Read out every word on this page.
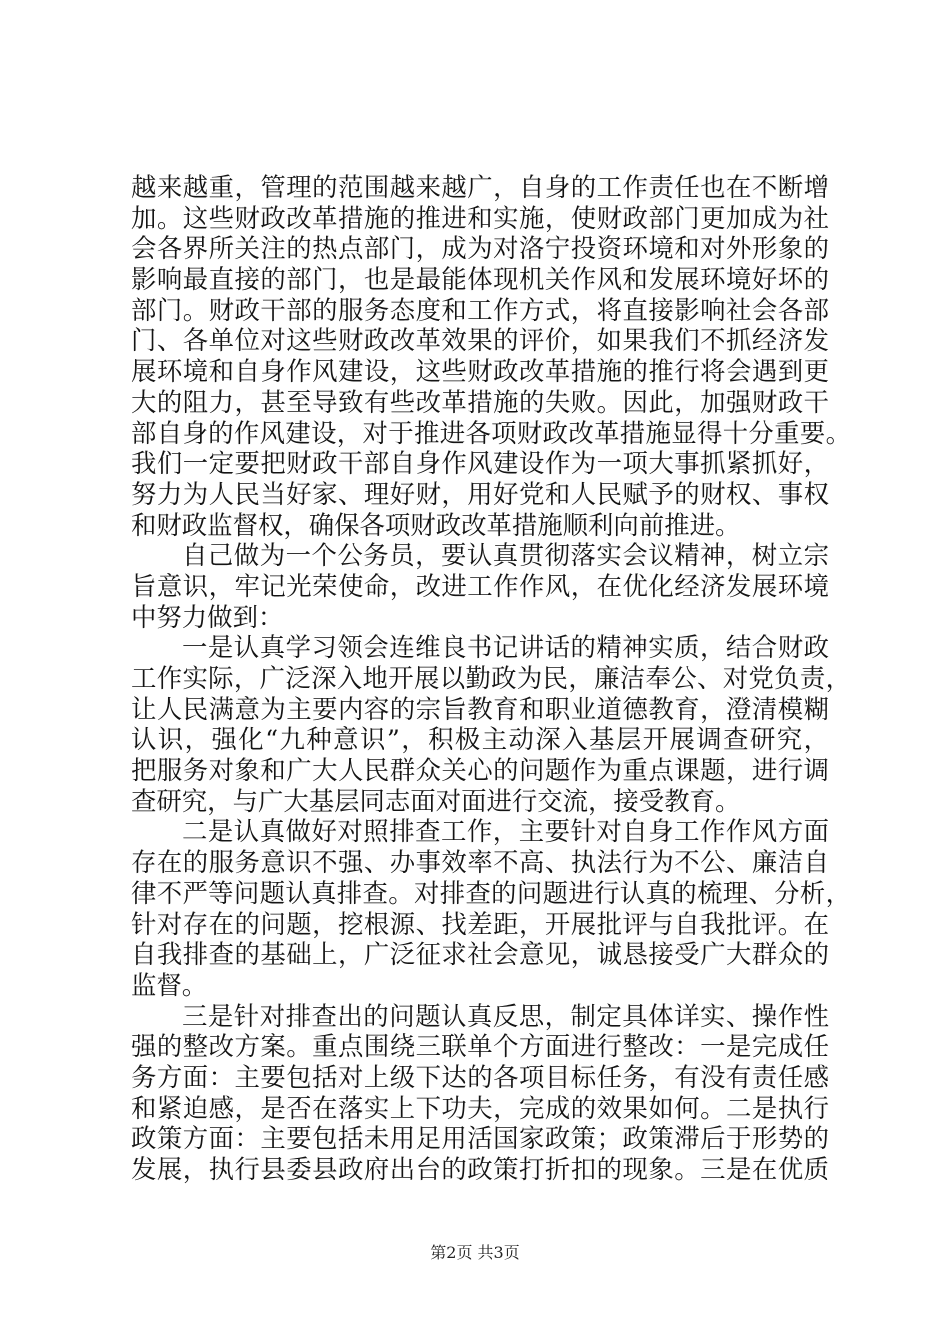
越来越重，管理的范围越来越广，自身的工作责任也在不断增
加。这些财政改革措施的推进和实施，使财政部门更加成为社
会各界所关注的热点部门，成为对洛宁投资环境和对外形象的
影响最直接的部门，也是最能体现机关作风和发展环境好坏的
部门。财政干部的服务态度和工作方式，将直接影响社会各部
门、各单位对这些财政改革效果的评价，如果我们不抓经济发
展环境和自身作风建设，这些财政改革措施的推行将会遇到更
大的阻力，甚至导致有些改革措施的失败。因此，加强财政干
部自身的作风建设，对于推进各项财政改革措施显得十分重要。
我们一定要把财政干部自身作风建设作为一项大事抓紧抓好，
努力为人民当好家、理好财，用好党和人民赋予的财权、事权
和财政监督权，确保各项财政改革措施顺利向前推进。
自己做为一个公务员，要认真贯彻落实会议精神，树立宗
旨意识，牢记光荣使命，改进工作作风，在优化经济发展环境
中努力做到：
一是认真学习领会连维良书记讲话的精神实质，结合财政
工作实际，广泛深入地开展以勤政为民，廉洁奉公、对党负责，
让人民满意为主要内容的宗旨教育和职业道德教育，澄清模糊
认识，强化“九种意识”，积极主动深入基层开展调查研究，
把服务对象和广大人民群众关心的问题作为重点课题，进行调
查研究，与广大基层同志面对面进行交流，接受教育。
二是认真做好对照排查工作，主要针对自身工作作风方面
存在的服务意识不强、办事效率不高、执法行为不公、廉洁自
律不严等问题认真排查。对排查的问题进行认真的梳理、分析，
针对存在的问题，挖根源、找差距，开展批评与自我批评。在
自我排查的基础上，广泛征求社会意见，诚恳接受广大群众的
监督。
三是针对排查出的问题认真反思，制定具体详实、操作性
强的整改方案。重点围绕三联单个方面进行整改：一是完成任
务方面：主要包括对上级下达的各项目标任务，有没有责任感
和紧迫感，是否在落实上下功夫，完成的效果如何。二是执行
政策方面：主要包括未用足用活国家政策；政策滞后于形势的
发展，执行县委县政府出台的政策打折扣的现象。三是在优质
第2页 共3页
